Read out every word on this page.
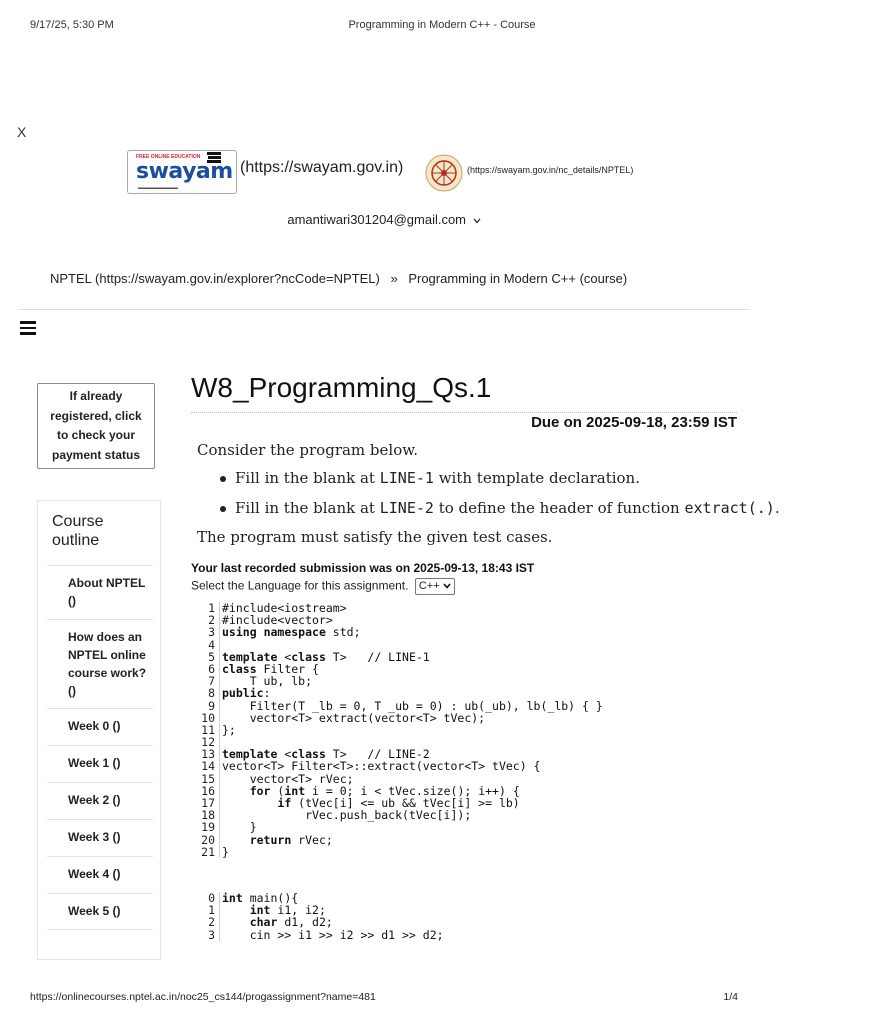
9/17/25, 5:30 PM	Programming in Modern C++ - Course
X
FREE ONLINE EDUCATION
swayam
▬▬▬▬▬▬▬▬
(https://swayam.gov.in)	(https://swayam.gov.in/nc_details/NPTEL)
amantiwari301204@gmail.com
NPTEL (https://swayam.gov.in/explorer?ncCode=NPTEL) » Programming in Modern C++ (course)
If already registered, click to check your payment status
Course outline
About NPTEL ()
How does an NPTEL online course work? ()
Week 0 ()
Week 1 ()
Week 2 ()
Week 3 ()
Week 4 ()
Week 5 ()
W8_Programming_Qs.1
Due on 2025-09-18, 23:59 IST
Consider the program below.
Fill in the blank at LINE-1 with template declaration.
Fill in the blank at LINE-2 to define the header of function extract(.).
The program must satisfy the given test cases.
Your last recorded submission was on 2025-09-13, 18:43 IST
Select the Language for this assignment. C++
1 #include<iostream>
2 #include<vector>
3 using namespace std;
4
5 template <class T>   // LINE-1
6 class Filter {
7 T ub, lb;
8 public:
9 Filter(T _lb = 0, T _ub = 0) : ub(_ub), lb(_lb) { }
10 vector<T> extract(vector<T> tVec);
11 };
12
13 template <class T>   // LINE-2
14 vector<T> Filter<T>::extract(vector<T> tVec) {
15 vector<T> rVec;
16	for (int i = 0; i < tVec.size(); i++) {
17	if (tVec[i] <= ub && tVec[i] >= lb)
18 rVec.push_back(tVec[i]);
19 }
20	return rVec;
21 }
0 int main(){
1	int i1, i2;
2	char d1, d2;
3 cin >> i1 >> i2 >> d1 >> d2;
https://onlinecourses.nptel.ac.in/noc25_cs144/progassignment?name=481	1/4
